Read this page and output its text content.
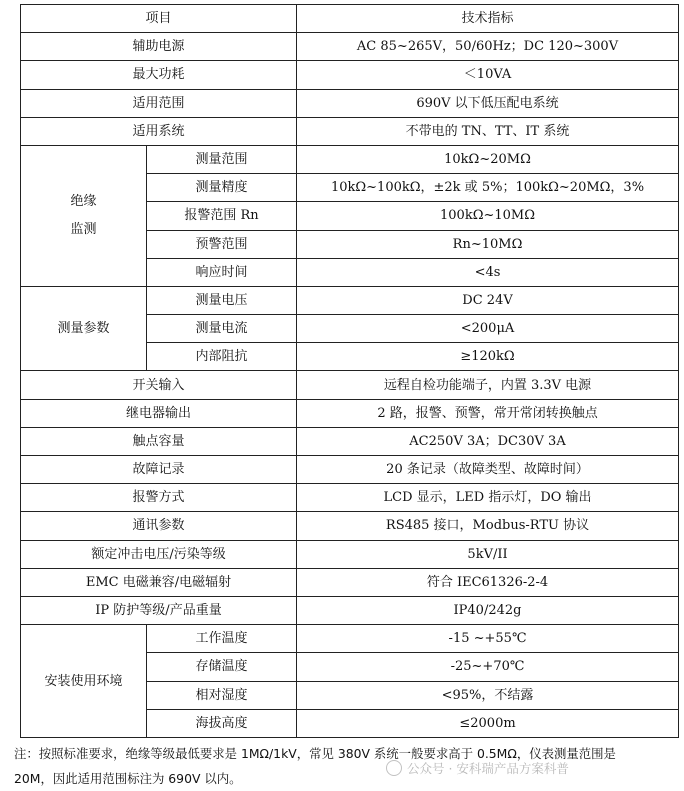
项目		技术指标
辅助电源		AC 85~265V，50/60Hz；DC 120~300V
最大功耗		＜10VA
适用范围		690V 以下低压配电系统
适用系统		不带电的 TN、TT、IT 系统
绝缘
监测	测量范围	10kΩ~20MΩ
	测量精度	10kΩ~100kΩ，±2k 或 5%；100kΩ~20MΩ，3%
	报警范围 Rn	100kΩ~10MΩ
	预警范围	Rn~10MΩ
	响应时间	<4s
测量参数	测量电压	DC 24V
	测量电流	<200μA
	内部阻抗	≥120kΩ
开关输入		远程自检功能端子，内置 3.3V 电源
继电器输出		2 路，报警、预警，常开常闭转换触点
触点容量		AC250V 3A；DC30V 3A
故障记录		20 条记录（故障类型、故障时间）
报警方式		LCD 显示，LED 指示灯，DO 输出
通讯参数		RS485 接口，Modbus-RTU 协议
额定冲击电压/污染等级		5kV/II
EMC 电磁兼容/电磁辐射		符合 IEC61326-2-4
IP 防护等级/产品重量		IP40/242g
安装使用环境	工作温度	-15 ~+55℃
	存储温度	-25~+70℃
	相对湿度	<95%，不结露
	海拔高度	≤2000m
注：按照标准要求，绝缘等级最低要求是 1MΩ/1kV，常见 380V 系统一般要求高于 0.5MΩ，仪表测量范围是
20M，因此适用范围标注为 690V 以内。
公众号 · 安科瑞产品方案科普
